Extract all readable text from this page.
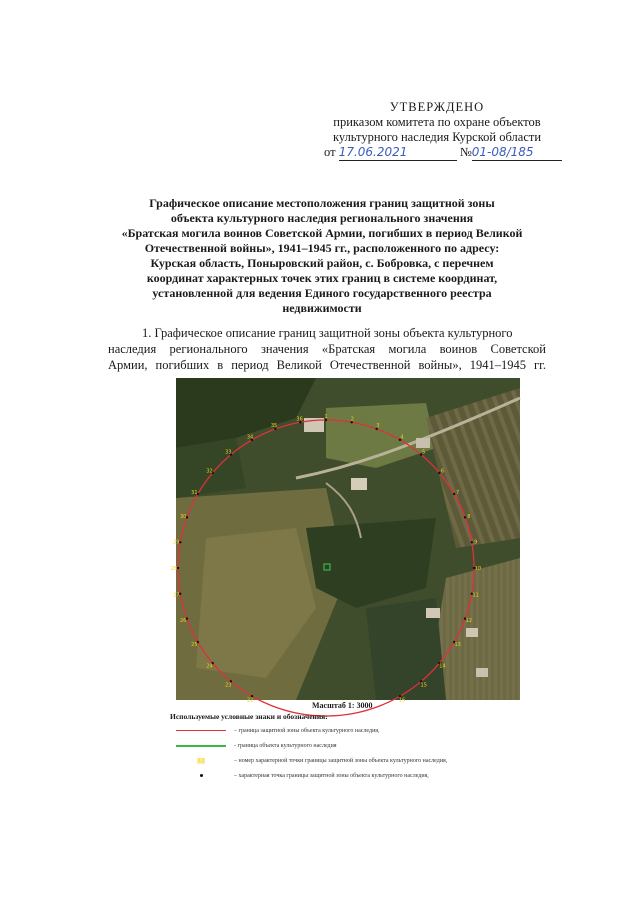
УТВЕРЖДЕНО
приказом комитета по охране объектов
культурного наследия Курской области
от 17.06.2021	№01-08/185
Графическое описание местоположения границ защитной зоны
объекта культурного наследия регионального значения
«Братская могила воинов Советской Армии, погибших в период Великой
Отечественной войны», 1941–1945 гг., расположенного по адресу:
Курская область, Поныровский район, с. Бобровка, с перечнем
координат характерных точек этих границ в системе координат,
установленной для ведения Единого государственного реестра
недвижимости
1. Графическое описание границ защитной зоны объекта культурного
наследия регионального значения «Братская могила воинов Советской
Армии, погибших в период Великой Отечественной войны», 1941–1945 гг.
1	2
3
4
5
6
7
8
9
10
11
12
13
14
15
16
22
23
24
25
26
27
28
29
30
31
32
33
34
35
36
Масштаб 1: 3000
Используемые условные знаки и обозначения:
– граница защитной зоны объекта культурного наследия,
- граница объекта культурного наследия
12	– номер характерной точки границы защитной зоны объекта культурного наследия,
– характерная точка границы защитной зоны объекта культурного наследия,
